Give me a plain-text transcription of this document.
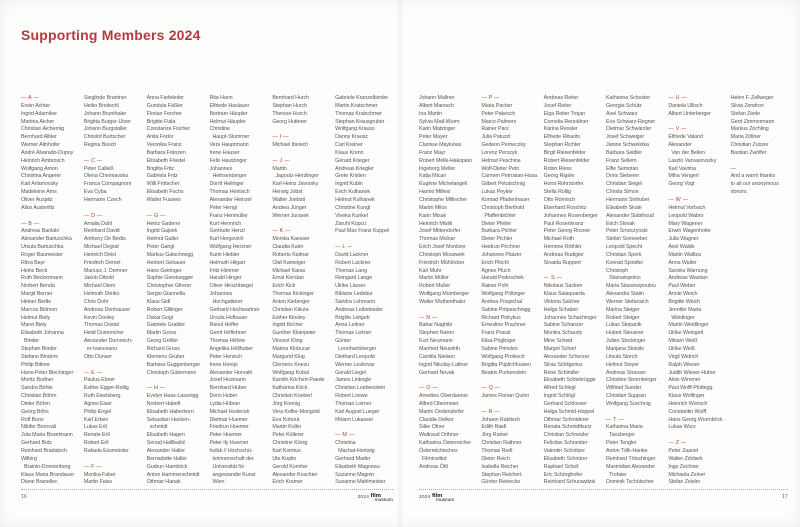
Supporting Members 2024
— A —
Erwin Achter
Ingrid Adamiker
Martina Aicher
Christian Aichernig
Bernhard Albler
Werner Almhofer
André Alvarado-Dupuy
Heinrich Ambrosch
Wolfgang Amon
Christina Angerer
Karl Arlamovsky
Madeleine Arns
Oliver Auspitz
Alice Austerlitz
— B —
Andreas Banlaki
Alexander Bartuschka
Ursula Bartuschka
Roger Baumeister
Ritva Bayr
Heinz Beck
Ruth Beckermann
Norbert Benda
Margit Berner
Heiner Bertle
Marcus Bidmon
Helmut Biely
Marei Biely
Elisabeth Johanna
Binder
Stephan Binder
Stefano Bindoni
Philip Bittner
Hans-Peter Blechinger
Moritz Bodner
Sandra Böhle
Christian Böhm
Dieter Böhm
Georg Böhs
Rolf Boos
Nilüfer Borovali
Juta Maria Boselmann
Gerhard Botz
Reinhard Bradatsch
Wilbirg
Brainin-Donnenberg
Klaus Maria Brandauer
Diane Branellec
Sieglinde Brantner
Heiko Breitsohl
Johann Brunthaler
Brigitta Burger-Utzer
Johann Burgstaller
Christof Burtscher
Regina Busch
— C —
Peter Calließ
Olena Cherniavska
Franca Compagnoni
Eva Cyba
Hermann Czech
— D —
Amalia Dahl
Reinhard David
Anthony De Bedts
Michael Degraf
Heinrich Deisl
Friedrich Demel
Mariusz J. Demner
Jakob Dibold
Michael Diem
Helmuth Dimko
Chris Dohr
Andreas Donhauser
Kevin Dooley
Thomas Dostal
Heidi Dumreicher
Alexander Dumreich-
er-Ivanceanu
Otto Dünser
— E —
Paulus Ebner
Esther Egger-Rollig
Ruth Eiselsberg
Agnes Eiser
Philip Engel
Karl Erben
Lukas Ertl
Renate Ertl
Robert Ertl
Rafaela Essmeister
— F —
Monika Faber
Martin Faiss
Anna Farfeleder
Gundula Fäßler
Florian Fercher
Brigitte Fiala
Constanze Fischer
Anita Fodor
Veronika Franz
Barbara Fränzen
Elisabeth Friedel
Brigitta Fritz
Gabriela Fritz
Willi Frötscher
Elisabeth Fuchs
Walter Fusseis
— G —
Heinz Gaderer
Ingrid Gajsek
Helmut Galler
Peter Gangl
Markus Gatschnegg
Herbert Gebauer
Hans Geiringer
Sophie Geretsegger
Christopher Gfrerer
Sergio Giannella
Klaus Gidl
Robert Gillinger
Oskar Gogl
Gabriele Grabler
Martin Gross
Georg Gröller
Richard Gross
Klemens Gruber
Barbara Guggenberger
Christoph Gütermann
— H —
Evelyn Haas-Lassnigg
Norbert Habelt
Elisabeth Haberkorn
Sebastian Hacken-
schmidt
Elisabeth Hagen
Senad Halilbašić
Alexander Haller
Bernadette Haller
Gudrun Hamböck
Anton Hammerschmidt
Othmar Hanak
Rita Hann
Elfriede Haslauer
Bertram Häupler
Helmut Häupler
Christine
Haupt-Stummer
Vera Hauptmann
Irene Hauser
Felix Hautzinger
Johannes
Heihsenberger
Dorrit Heilinger
Thomas Heinisch
Alexander Heinzel
Peter Hengl
Franz Henmüller
Kurt Hennrich
Gertrude Henzl
Karl Hergovich
Wolfgang Herzner
Karin Hiebler
Helmuth Hilgart
Fritz Himmer
Harald Hinger
Oliver Hirschbiegel
Johannes
Hochgatterer
Gerhard Hochwartner
Ursula Hofbauer
Raoul Hoffer
Gerrit Höflehner
Thomas Höhne
Angelika Höllhuber
Peter Honisch
Irene Horejs
Alexander Horvath
Josef Hosmann
Bernhard Huber
Doris Huber
Lydia Hübner
Michael Hudecek
Dietmar Huemer
Friedrun Huemer
Peter Huemer
Peter Ily Huemer
hufak // Hochschü-
lerinnenschaft der
Universität für
angewandte Kunst
Wien
Bernhard Hurch
Stephan Hurch
Therese Hurch
Georg Hutterer
— I —
Michael Ibesich
— J —
Martin
Jagoutz-Herzlinger
Karl-Heinz Javorsky
Herwig Jobst
Walter Joebstl
Andrea Jünger
Werner Jurasek
— K —
Monika Kaesser
Claudia Kaler
Roberto Kalmar
Olaf Kamelger
Michael Karas
Ernst Kerstan
Erich Kick
Thomas Kickinger
Anton Kieberger
Christian Kikuta
Esther Kinsley
Ingrid Kircher
Gunther Kleinpeter
Vincent Kling
Marina Klobucar
Margund Klug
Clemens Knezu
Wolfgang Kobal
Karolin Köchert-Paede
Katharina Köck
Christian Koeberl
Jörg Koenig
Vera Kofler-Mongold
Eva Kohout
Martin Koller
Peter Köllerer
Christine König
Karl Kontrus
Ute Koplin
Gerold Kornher
Alexander Koschier
Erich Kramer
Gabriele Kranzelbinder
Martin Kratschmer
Thomas Kratschmer
Stephan Krausgruber
Wolfgang Krauss
Danny Krausz
Carl Kreiner
Klaus Krenn
Gérard Krieger
Andreas Kriegler
Grete Kristen
Ingrid Kubin
Erich Kulhanek
Helmut Kulhanek
Christine Kungl
Viveka Kunkel
Zaruhi Küpcü
Paul Max Franz Kuppel
— L —
David Lackner
Robert Lackner
Thomas Lang
Reingard Lange
Ulrike Lässer
Bibiane Ledebur
Sandra Lehmann
Andreas Leibetseder
Brigitte Leitgeb
Anna Leitner
Thomas Leitner
Günter
Leonhartsberger
Diethard Leopold
Werner Leskovar
Gerald Liegel
James Linkogle
Christian Loebenstein
Robert Loewe
Thomas Loimer
Karl August Lueger
Miriam Lukasser
— M —
Christina
Machat-Hertwig
Gerhard Mader
Elisabeth Magneau
Suzanne Magnin
Susanne Mahlmeister
16	2024 film
museum
Johann Mallner
Albert Maresch
Ina Martin
Sylvia Matl-Wurm
Karin Matzinger
Peter Mayer
Clarisse Maylunas
Franz Mayr
Robert Melik-Hakopian
Ingeborg Melter
Katja Mican
Eugène Michelangeli
Hanno Millesi
Christophe Millischer
Martin Milos
Karin Misak
Heinrich Mislik
Josef Mittendorfer
Thomas Molnar
Erich Josef Monitzer
Christoph Mosawek
Friedrich Mühlöcker
Karl Muhr
Martin Müller
Robert Muller
Wolfgang Mumberger
Walter Muthenthaler
— N —
Bahar Naghibi
Stephen Naron
Kurt Neumann
Manfred Neuwirth
Camilla Nielsen
Ingrid Nikolay-Lattner
Gerhard Novak
— O —
Annelies Oberdanner
Alfred Obermeier
Martin Oedendorfer
Claudia Oetker
Silke Ofner
Waltraud Orthner
Katharina Österreicher
Österreichisches
Filminstitut
Andreas Öttl
— P —
Maria Pacher
Peter Pakesch
Marco Palmers
Rainer Parz
Julia Patuzzi
Gedeon Perneczky
Lorenz Perszyk
Helmut Peschina
Wolf-Dieter Petri
Carmen Petrosian-Husa
Gilbert Petutschnig
Lukas Peyker
Konrad Pfadenhauer
Christoph Berthold
Pfaffenbichler
Dieter Pfeiler
Barbara Pichler
Dieter Pichler
Heidrun Pirchner
Johannes Platzer
Erich Plöchl
Agnes Pluch
Harald Podoschek
Rainer Pohl
Wolfgang Pöltinger
Andrea Pospichal
Sabine Potpeschnigg
Richard Potrykus
Ernestine Prachner
Franz Prassl
Elisa Priglinger
Sabine Prinsloo
Wolfgang Prokisch
Brigitta Püplichhuisen
Beatrix Purkenstein
— Q —
James Florian Quinn
— R —
Johann Rabitsch
Edith Raidl
Jörg Rainer
Christian Rathner
Thomas Redl
Dieter Reich
Isabella Reicher
Stephan Reichert
Günter Reinecke
Andreas Reiter
Josef Reiter
Elga Reiter Trojan
Cornelia Renoldner
Karina Ressler
Elfriede Ribarits
Stephan Richter
Birgit Riesenfelder
Robert Riesenfelder
Robin Riess
Georg Rigele
Horst Rohrstorfer
Stella Rollig
Otto Römisch
Eberhard Roschitz
Johannes Rosenberger
Paul Rosenkranz
Peter Georg Rosner
Michael Roth
Hermine Röthler
Andreas Rudigier
Sinaida Ruppert
— S —
Nikolaus Sacken
Klaus Salaquarda
Viktoria Salcher
Helga Schaber
Johannes Schachinger
Sabine Schanzer
Monika Schaudy
Mine Scheid
Margot Scherl
Alexander Scherzer
Silvia Schilgerius
Rene Schindler
Elisabeth Schlebrügge
Alfred Schlegl
Ingrid Schlögl
Gerhard Schlosser
Helga Schmid-Hoppel
Othmar Schmiderer
Renata Schmidtkunz
Christian Schneider
Felicitas Schneider
Valentin Schnitzer
Elisabeth Schnürer
Raphael Scholl
Eric Schörghofer
Reinhard Schurawitzki
Katharina Schuster
Georgia Schütz
Axel Schwarz
Eva Schwarz-Regner
Dietmar Schwärzler
Josef Schweiger
Janine Schweistka
Barbara Seidler
Franz Sellem
Elfie Semotan
Doris Sieberer
Christian Siegel
Christa Simon
Hermann Sinhuber
Elisabeth Skale
Alexander Slabihoud
Erich Slovak
Peter Smoczynski
Stefan Somweber
Leopold Specht
Christian Sperk
Konrad Spindler
Christoph
Stamatopolos
Maria Stassinopoulou
Alexandra Statin
Werner Stefansich
Marina Steiger
Robert Steiger
Lukas Stepanik
Hubert Steuxner
Julian Stockinger
Marijana Stoisits
Ursula Storch
Helmut Stoyer
Andreas Strasser
Christine Stromberger
Wilfried Sueder
Christian Suppan
Wolfgang Suschnig
— T —
Katharina Maria
Tanzberger
Peter Tengler
Anton Tölk-Hanke
Reinhard Tötschinger
Maximilian Alexander
Trofaier
Dominik Tschütscher
— U —
Daniela Ullisch
Albert Unterberger
— V —
Elfriede Valand
Alexander
Van der Bellen
Laszlo Varvasovszky
Karl Vavrina
Miha Vengerl
Georg Vogt
— W —
Helmut Vorbach
Leopold Wabro
Mary Wagener
Erwin Wagenhofer
Julia Wagner
Axel Walde
Martin Walitza
Anna Walter
Sandra Warnung
Andreas Wastian
Paul Weber
Annie Weich
Brigitte Weich
Jennifer Maria
Weidinger
Martin Weidlinger
Ulrike Weingerl
Miriam Weiß
Ulrike Weiß
Virgil Widrich
Ralph Wieser
Judith Wieser-Huber
Alois Wimmer
Paul Wolff-Plottegg
Klaus Wolfinger
Heinrich Wonsch
Constantin Wulff
Hans Georg Wurmböck
Lukas Wurz
— Z —
Peter Zaanel
Walter Zdolsek
Ingo Zechner
Michaela Zeiner
Stefan Zeisler
Helen F. Zellweger
Silvia Zendron
Stefan Ziede
Gerd Zimmermann
Markus Zöchling
Maria Zöllner
Christian Zunzer
Bastian Zwölfer
—
And a warm thanks
to all our anonymous
donors.
2024 film
museum
17
